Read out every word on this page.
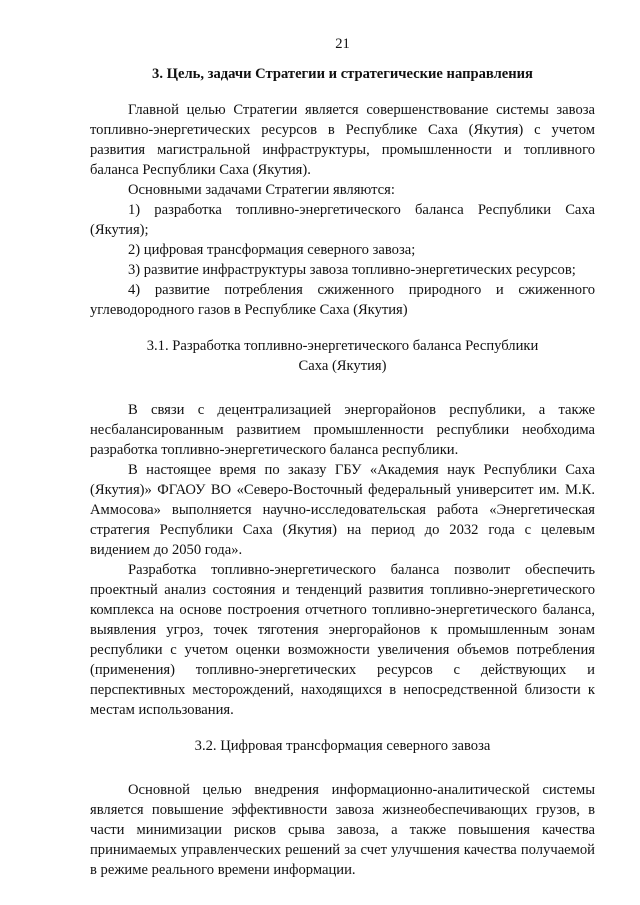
21
3. Цель, задачи Стратегии и стратегические направления

Главной целью Стратегии является совершенствование системы завоза топливно-энергетических ресурсов в Республике Саха (Якутия) с учетом развития магистральной инфраструктуры, промышленности и топливного баланса Республики Саха (Якутия).

Основными задачами Стратегии являются:

1) разработка топливно-энергетического баланса Республики Саха (Якутия);

2) цифровая трансформация северного завоза;

3) развитие инфраструктуры завоза топливно-энергетических ресурсов;

4) развитие потребления сжиженного природного и сжиженного углеводородного газов в Республике Саха (Якутия)

3.1. Разработка топливно-энергетического баланса Республики
Саха (Якутия)

В связи с децентрализацией энергорайонов республики, а также несбалансированным развитием промышленности республики необходима разработка топливно-энергетического баланса республики.

В настоящее время по заказу ГБУ «Академия наук Республики Саха (Якутия)» ФГАОУ ВО «Северо-Восточный федеральный университет им. М.К. Аммосова» выполняется научно-исследовательская работа «Энергетическая стратегия Республики Саха (Якутия) на период до 2032 года с целевым видением до 2050 года».

Разработка топливно-энергетического баланса позволит обеспечить проектный анализ состояния и тенденций развития топливно-энергетического комплекса на основе построения отчетного топливно-энергетического баланса, выявления угроз, точек тяготения энергорайонов к промышленным зонам республики с учетом оценки возможности увеличения объемов потребления (применения) топливно-энергетических ресурсов с действующих и перспективных месторождений, находящихся в непосредственной близости к местам использования.

3.2. Цифровая трансформация северного завоза

Основной целью внедрения информационно-аналитической системы является повышение эффективности завоза жизнеобеспечивающих грузов, в части минимизации рисков срыва завоза, а также повышения качества принимаемых управленческих решений за счет улучшения качества получаемой в режиме реального времени информации.
